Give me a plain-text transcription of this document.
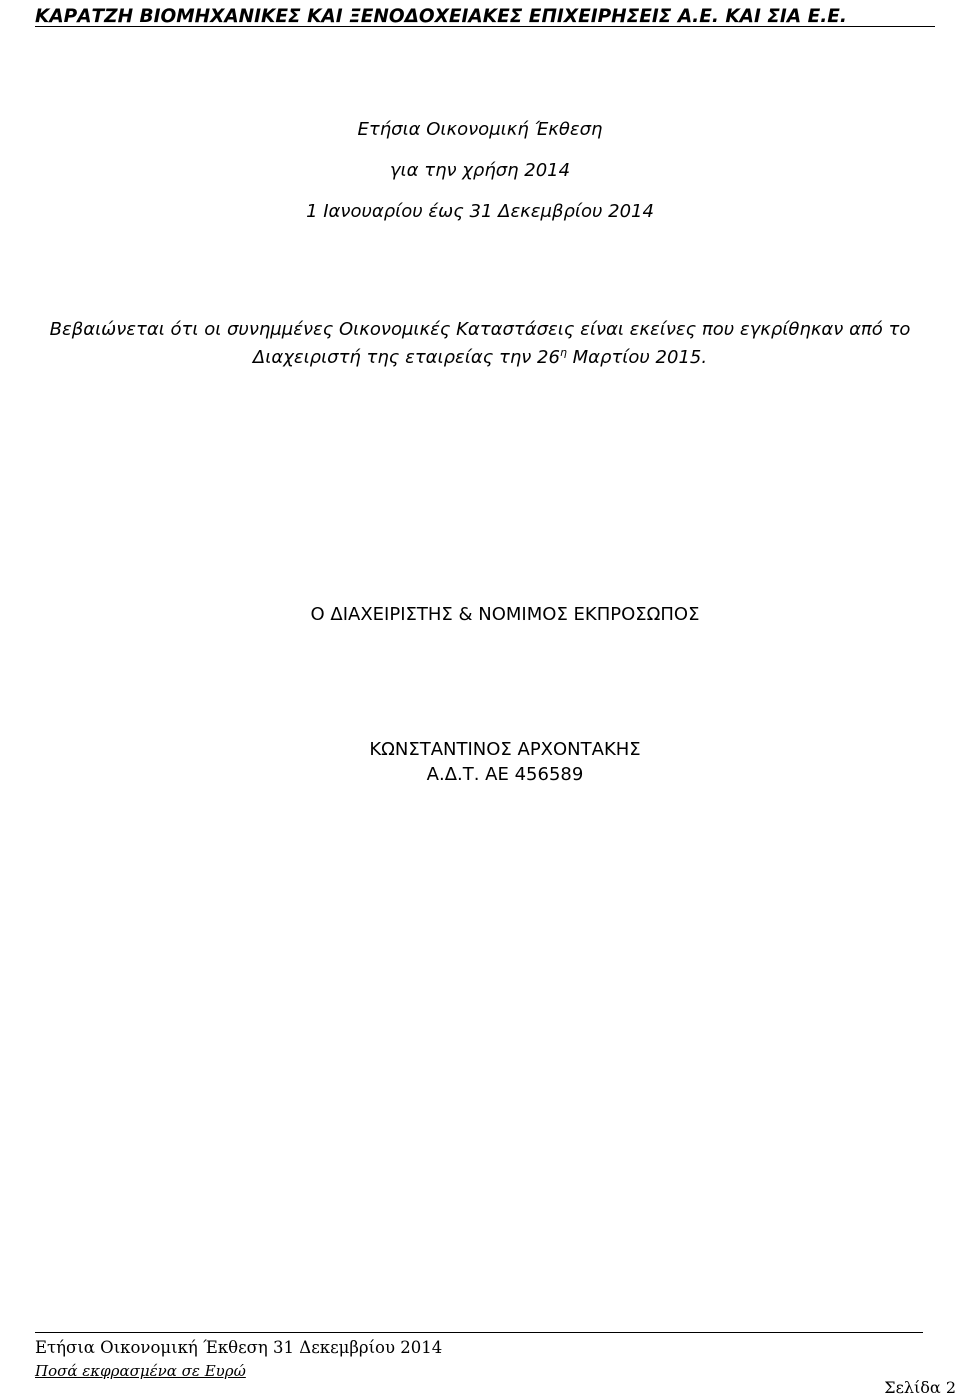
ΚΑΡΑΤΖΗ ΒΙΟΜΗΧΑΝΙΚΕΣ ΚΑΙ ΞΕΝΟΔΟΧΕΙΑΚΕΣ ΕΠΙΧΕΙΡΗΣΕΙΣ Α.Ε. ΚΑΙ ΣΙΑ Ε.Ε.
Ετήσια Οικονομική Έκθεση
για την χρήση 2014
1 Ιανουαρίου έως 31 Δεκεμβρίου 2014
Βεβαιώνεται ότι οι συνημμένες Οικονομικές Καταστάσεις είναι εκείνες που εγκρίθηκαν από το
Διαχειριστή της εταιρείας την $26^\eta$ Μαρτίου 2015.
Ο ΔΙΑΧΕΙΡΙΣΤΗΣ & ΝΟΜΙΜΟΣ ΕΚΠΡΟΣΩΠΟΣ
ΚΩΝΣΤΑΝΤΙΝΟΣ ΑΡΧΟΝΤΑΚΗΣ
Α.Δ.Τ. ΑΕ 456589
Ετήσια Οικονομική Έκθεση 31 Δεκεμβρίου 2014
Ποσά εκφρασμένα σε Ευρώ
Σελίδα 2
